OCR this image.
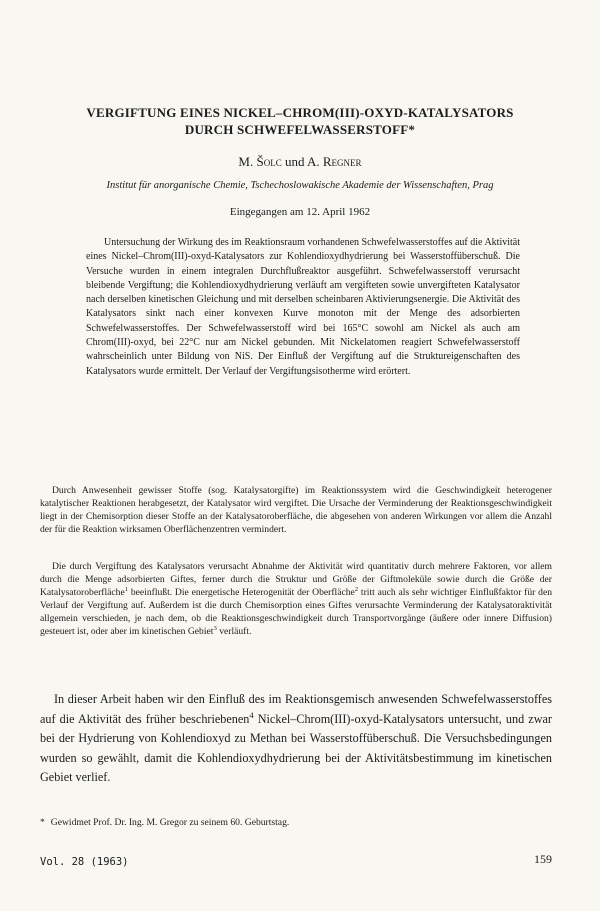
VERGIFTUNG EINES NICKEL–CHROM(III)-OXYD-KATALYSATORS
DURCH SCHWEFELWASSERSTOFF*
M. Šolc und A. Regner
Institut für anorganische Chemie, Tschechoslowakische Akademie der Wissenschaften, Prag
Eingegangen am 12. April 1962

Untersuchung der Wirkung des im Reaktionsraum vorhandenen Schwefelwasserstoffes auf die Aktivität eines Nickel–Chrom(III)-oxyd-Katalysators zur Kohlendioxydhydrierung bei Wasserstoffüberschuß. Die Versuche wurden in einem integralen Durchflußreaktor ausgeführt. Schwefelwasserstoff verursacht bleibende Vergiftung; die Kohlendioxydhydrierung verläuft am vergifteten sowie unvergifteten Katalysator nach derselben kinetischen Gleichung und mit derselben scheinbaren Aktivierungsenergie. Die Aktivität des Katalysators sinkt nach einer konvexen Kurve monoton mit der Menge des adsorbierten Schwefelwasserstoffes. Der Schwefelwasserstoff wird bei 165°C sowohl am Nickel als auch am Chrom(III)-oxyd, bei 22°C nur am Nickel gebunden. Mit Nickelatomen reagiert Schwefelwasserstoff wahrscheinlich unter Bildung von NiS. Der Einfluß der Vergiftung auf die Struktureigenschaften des Katalysators wurde ermittelt. Der Verlauf der Vergiftungsisotherme wird erörtert.

Durch Anwesenheit gewisser Stoffe (sog. Katalysatorgifte) im Reaktionssystem wird die Geschwindigkeit heterogener katalytischer Reaktionen herabgesetzt, der Katalysator wird vergiftet. Die Ursache der Verminderung der Reaktionsgeschwindigkeit liegt in der Chemisorption dieser Stoffe an der Katalysatoroberfläche, die abgesehen von anderen Wirkungen vor allem die Anzahl der für die Reaktion wirksamen Oberflächenzentren vermindert.

Die durch Vergiftung des Katalysators verursacht Abnahme der Aktivität wird quantitativ durch mehrere Faktoren, vor allem durch die Menge adsorbierten Giftes, ferner durch die Struktur und Größe der Giftmoleküle sowie durch die Größe der Katalysatoroberfläche$^1$ beeinflußt. Die energetische Heterogenität der Oberfläche$^2$ tritt auch als sehr wichtiger Einflußfaktor für den Verlauf der Vergiftung auf. Außerdem ist die durch Chemisorption eines Giftes verursachte Verminderung der Katalysatoraktivität allgemein verschieden, je nach dem, ob die Reaktionsgeschwindigkeit durch Transportvorgänge (äußere oder innere Diffusion) gesteuert ist, oder aber im kinetischen Gebiet$^3$ verläuft.

In dieser Arbeit haben wir den Einfluß des im Reaktionsgemisch anwesenden Schwefelwasserstoffes auf die Aktivität des früher beschriebenen$^4$ Nickel–Chrom(III)-oxyd-Katalysators untersucht, und zwar bei der Hydrierung von Kohlendioxyd zu Methan bei Wasserstoffüberschuß. Die Versuchsbedingungen wurden so gewählt, damit die Kohlendioxydhydrierung bei der Aktivitätsbestimmung im kinetischen Gebiet verlief.

* Gewidmet Prof. Dr. Ing. M. Gregor zu seinem 60. Geburtstag.

Vol. 28 (1963)	159
